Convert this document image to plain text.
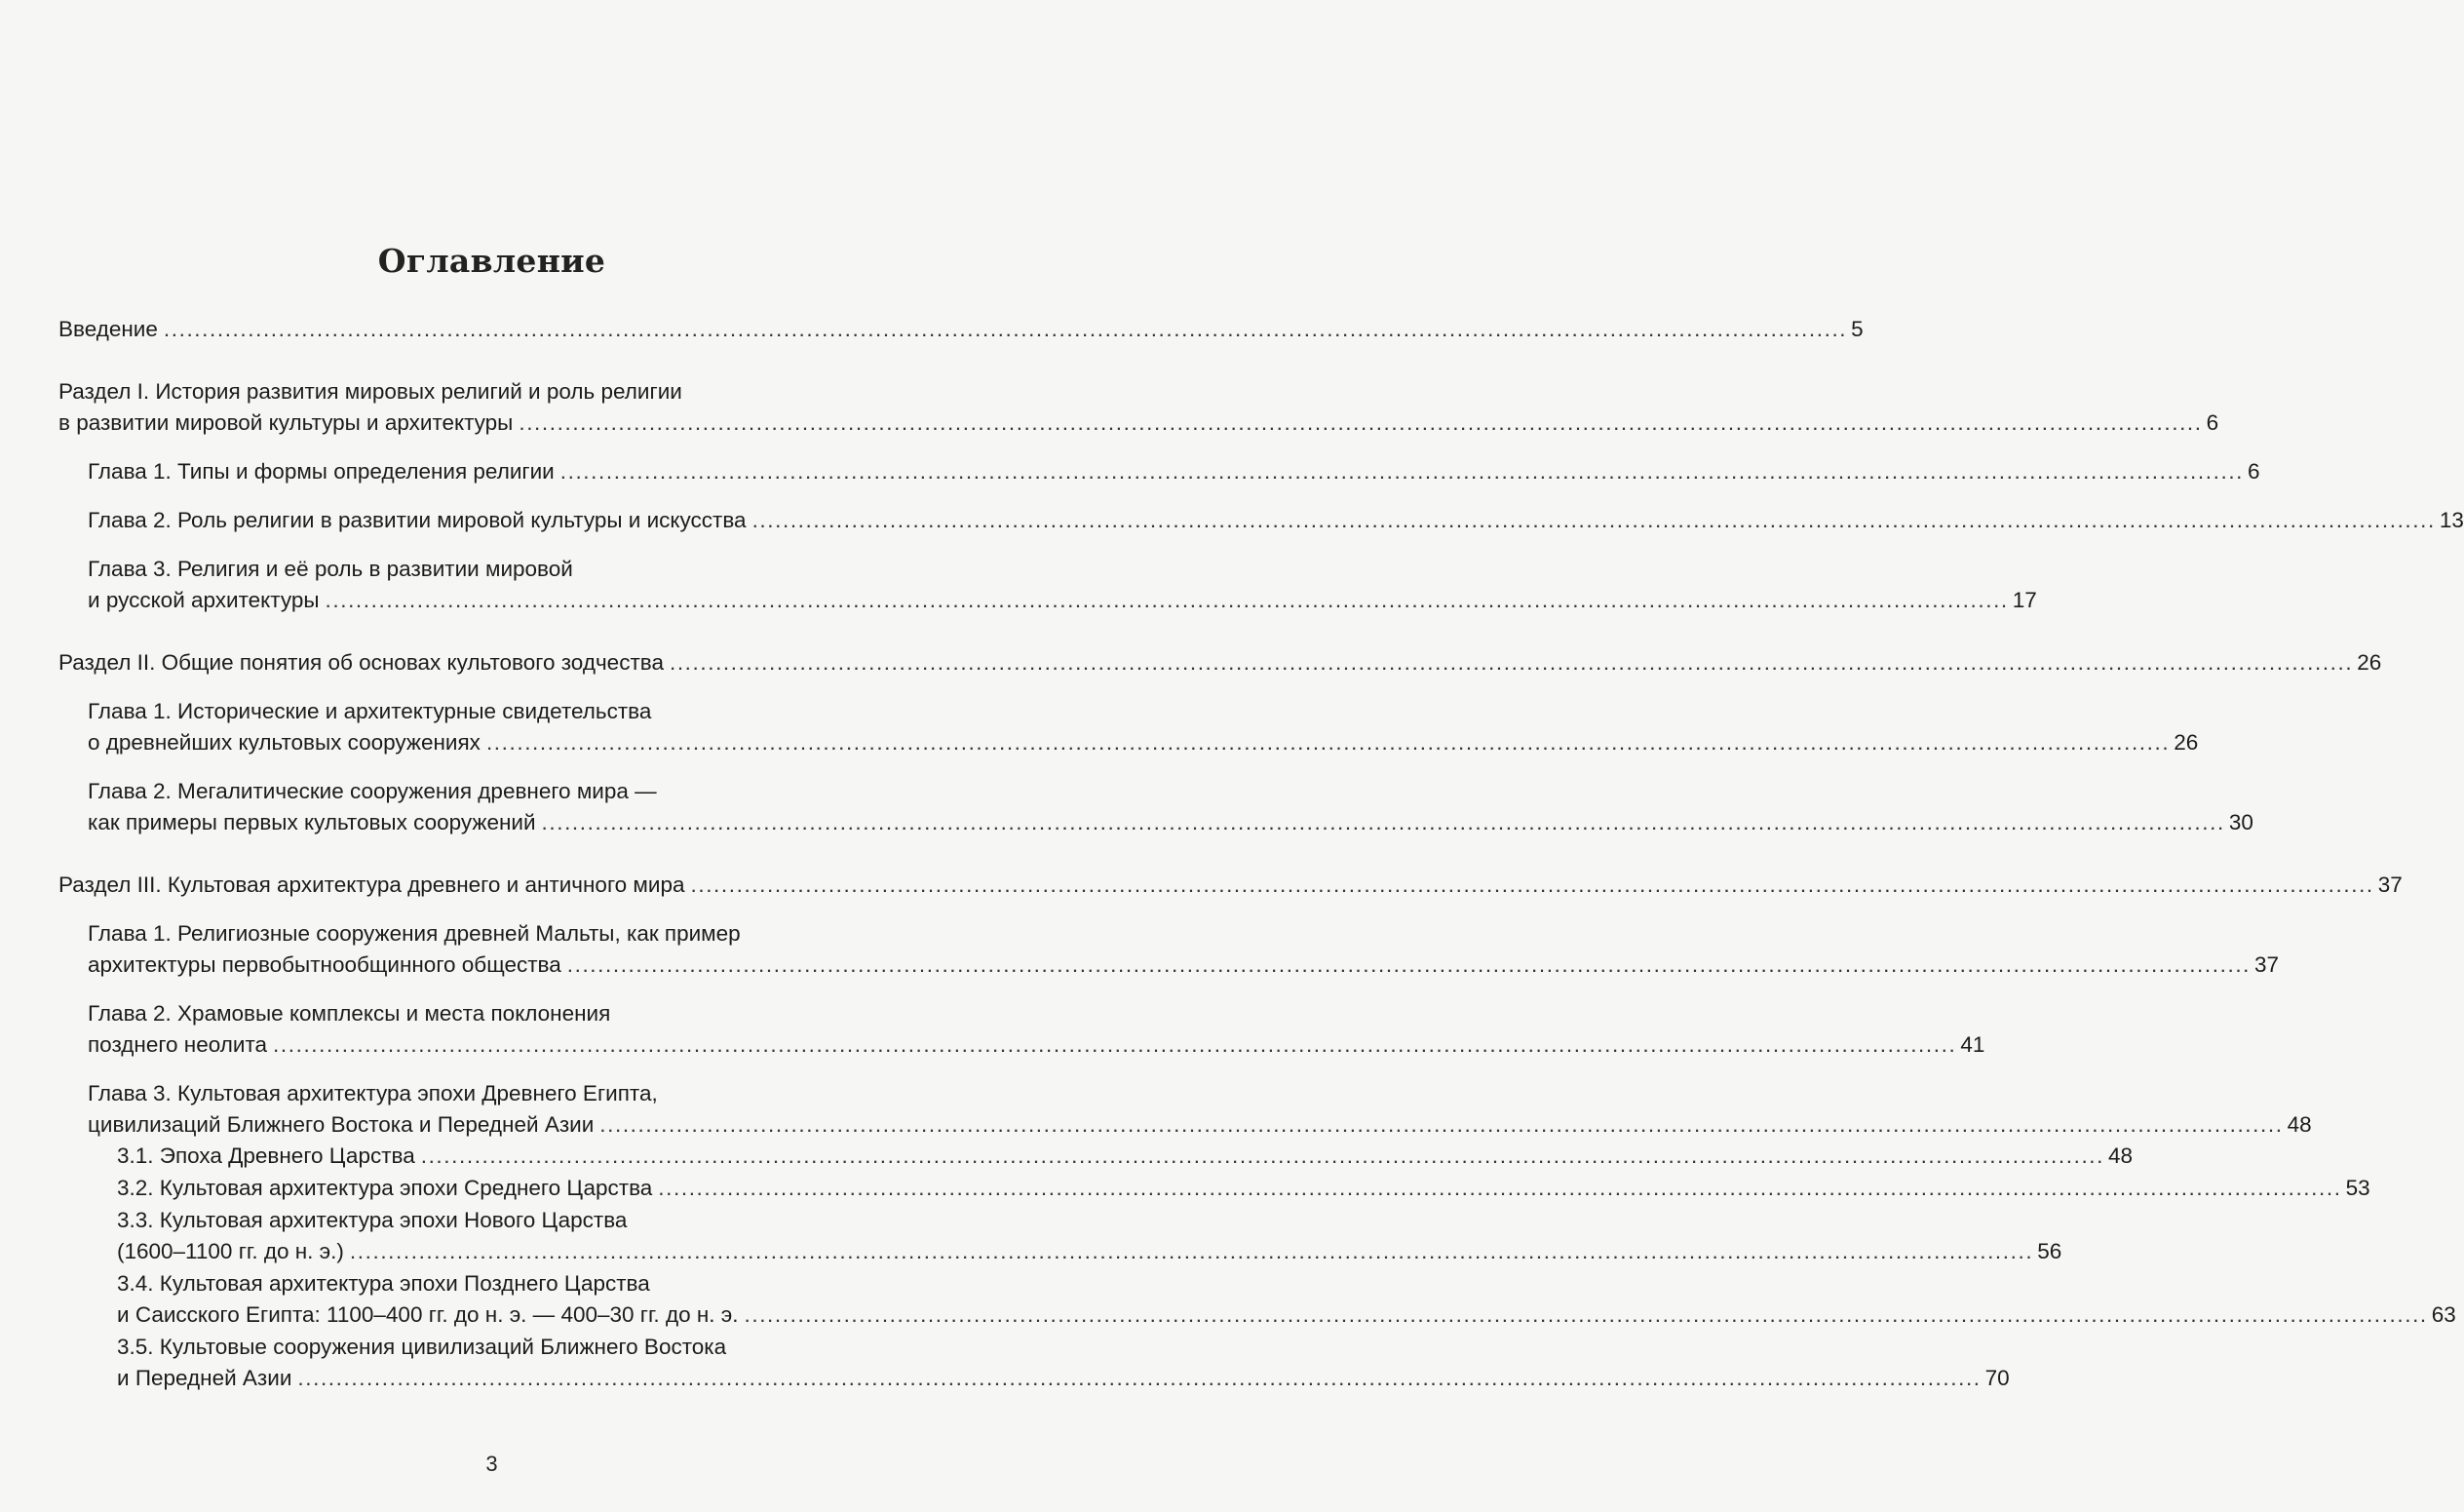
Оглавление
Введение ............................................................................................................................................................................................................................ 5
Раздел I. История развития мировых религий и роль религии
в развитии мировой культуры и архитектуры ............................................................................................................................................................................................................................ 6
Глава 1. Типы и формы определения религии ............................................................................................................................................................................................................................ 6
Глава 2. Роль религии в развитии мировой культуры и искусства ............................................................................................................................................................................................................................ 13
Глава 3. Религия и её роль в развитии мировой
и русской архитектуры ............................................................................................................................................................................................................................ 17
Раздел II. Общие понятия об основах культового зодчества ............................................................................................................................................................................................................................ 26
Глава 1. Исторические и архитектурные свидетельства
о древнейших культовых сооружениях ............................................................................................................................................................................................................................ 26
Глава 2. Мегалитические сооружения древнего мира —
как примеры первых культовых сооружений ............................................................................................................................................................................................................................ 30
Раздел III. Культовая архитектура древнего и античного мира ............................................................................................................................................................................................................................ 37
Глава 1. Религиозные сооружения древней Мальты, как пример
архитектуры первобытнообщинного общества ............................................................................................................................................................................................................................ 37
Глава 2. Храмовые комплексы и места поклонения
позднего неолита ............................................................................................................................................................................................................................ 41
Глава 3. Культовая архитектура эпохи Древнего Египта,
цивилизаций Ближнего Востока и Передней Азии ............................................................................................................................................................................................................................ 48
3.1. Эпоха Древнего Царства ............................................................................................................................................................................................................................ 48
3.2. Культовая архитектура эпохи Среднего Царства ............................................................................................................................................................................................................................ 53
3.3. Культовая архитектура эпохи Нового Царства
(1600–1100 гг. до н. э.) ............................................................................................................................................................................................................................ 56
3.4. Культовая архитектура эпохи Позднего Царства
и Саисского Египта: 1100–400 гг. до н. э. — 400–30 гг. до н. э. ............................................................................................................................................................................................................................ 63
3.5. Культовые сооружения цивилизаций Ближнего Востока
и Передней Азии ............................................................................................................................................................................................................................ 70
3
